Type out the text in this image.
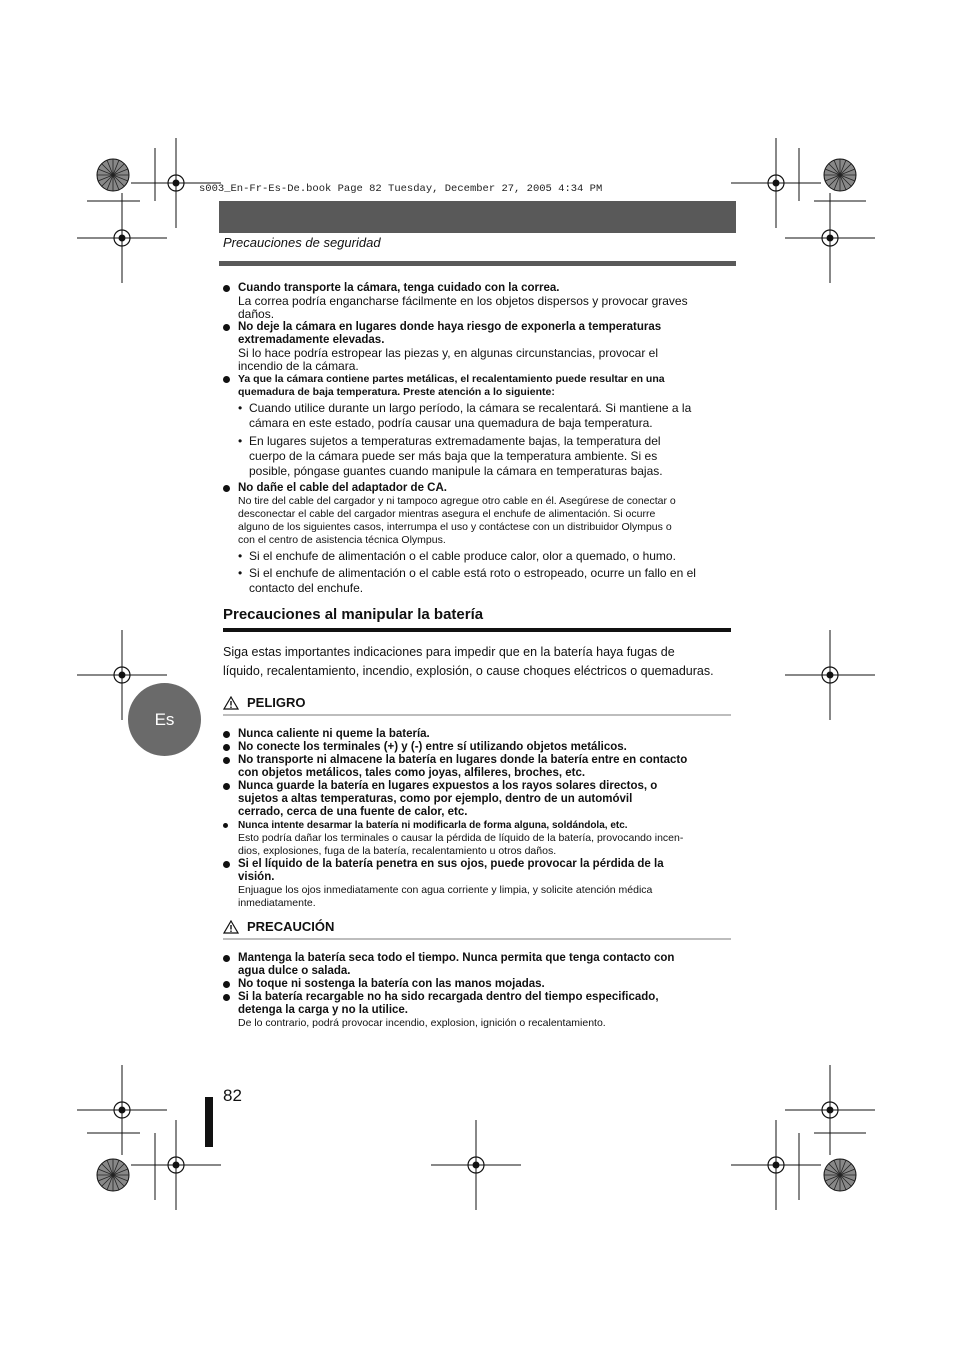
s003_En-Fr-Es-De.book Page 82 Tuesday, December 27, 2005 4:34 PM
Precauciones de seguridad
Cuando transporte la cámara, tenga cuidado con la correa.
La correa podría engancharse fácilmente en los objetos dispersos y provocar graves
daños.
No deje la cámara en lugares donde haya riesgo de exponerla a temperaturas
extremadamente elevadas.
Si lo hace podría estropear las piezas y, en algunas circunstancias, provocar el
incendio de la cámara.
Ya que la cámara contiene partes metálicas, el recalentamiento puede resultar en una
quemadura de baja temperatura. Preste atención a lo siguiente:
• Cuando utilice durante un largo período, la cámara se recalentará. Si mantiene a la
cámara en este estado, podría causar una quemadura de baja temperatura.
• En lugares sujetos a temperaturas extremadamente bajas, la temperatura del
cuerpo de la cámara puede ser más baja que la temperatura ambiente. Si es
posible, póngase guantes cuando manipule la cámara en temperaturas bajas.
No dañe el cable del adaptador de CA.
No tire del cable del cargador y ni tampoco agregue otro cable en él. Asegúrese de conectar o
desconectar el cable del cargador mientras asegura el enchufe de alimentación. Si ocurre
alguno de los siguientes casos, interrumpa el uso y contáctese con un distribuidor Olympus o
con el centro de asistencia técnica Olympus.
• Si el enchufe de alimentación o el cable produce calor, olor a quemado, o humo.
• Si el enchufe de alimentación o el cable está roto o estropeado, ocurre un fallo en el
contacto del enchufe.
Precauciones al manipular la batería
Siga estas importantes indicaciones para impedir que en la batería haya fugas de
líquido, recalentamiento, incendio, explosión, o cause choques eléctricos o quemaduras.
Es
PELIGRO
Nunca caliente ni queme la batería.
No conecte los terminales (+) y (-) entre sí utilizando objetos metálicos.
No transporte ni almacene la batería en lugares donde la batería entre en contacto
con objetos metálicos, tales como joyas, alfileres, broches, etc.
Nunca guarde la batería en lugares expuestos a los rayos solares directos, o
sujetos a altas temperaturas, como por ejemplo, dentro de un automóvil
cerrado, cerca de una fuente de calor, etc.
Nunca intente desarmar la batería ni modificarla de forma alguna, soldándola, etc.
Esto podría dañar los terminales o causar la pérdida de líquido de la batería, provocando incen-
dios, explosiones, fuga de la batería, recalentamiento u otros daños.
Si el líquido de la batería penetra en sus ojos, puede provocar la pérdida de la
visión.
Enjuague los ojos inmediatamente con agua corriente y limpia, y solicite atención médica
inmediatamente.
PRECAUCIÓN
Mantenga la batería seca todo el tiempo. Nunca permita que tenga contacto con
agua dulce o salada.
No toque ni sostenga la batería con las manos mojadas.
Si la batería recargable no ha sido recargada dentro del tiempo especificado,
detenga la carga y no la utilice.
De lo contrario, podrá provocar incendio, explosion, ignición o recalentamiento.
82
